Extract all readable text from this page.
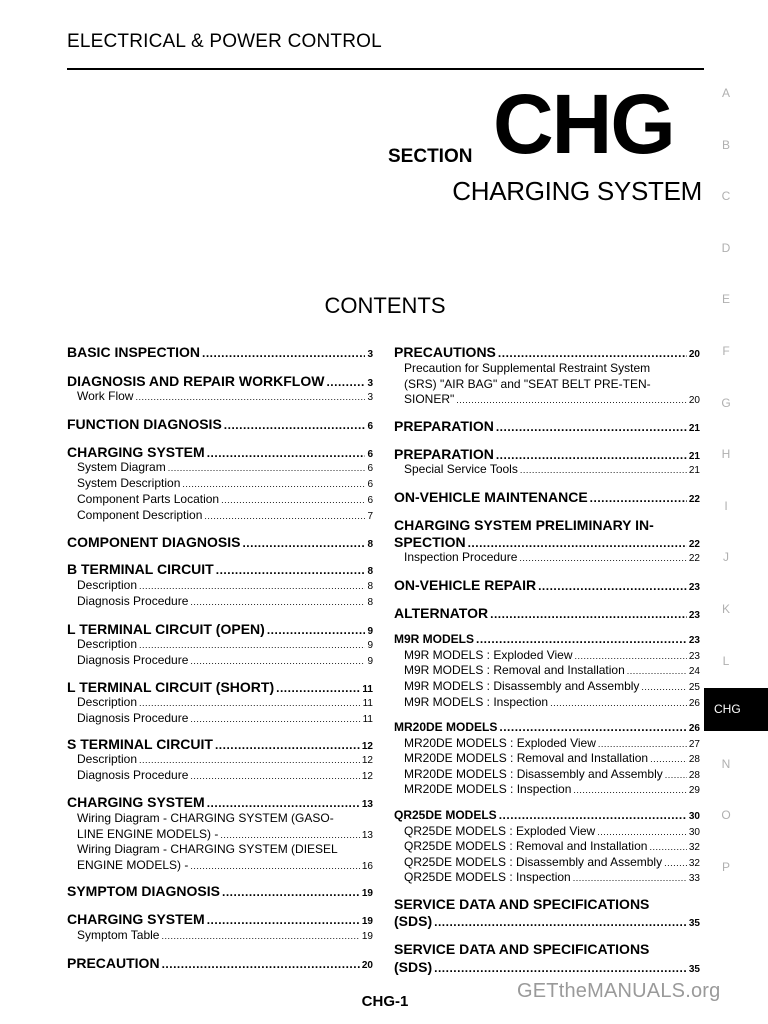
ELECTRICAL & POWER CONTROL
SECTION CHG
CHARGING SYSTEM
CONTENTS
A
B
C
D
E
F
G
H
I
J
K
L
CHG
N
O
P
BASIC INSPECTION .....	3
DIAGNOSIS AND REPAIR WORKFLOW .....	3
Work Flow .....	3
FUNCTION DIAGNOSIS .....	6
CHARGING SYSTEM .....	6
System Diagram .....	6
System Description .....	6
Component Parts Location .....	6
Component Description .....	7
COMPONENT DIAGNOSIS .....	8
B TERMINAL CIRCUIT .....	8
Description .....	8
Diagnosis Procedure .....	8
L TERMINAL CIRCUIT (OPEN) .....	9
Description .....	9
Diagnosis Procedure .....	9
L TERMINAL CIRCUIT (SHORT) .....	11
Description .....	11
Diagnosis Procedure .....	11
S TERMINAL CIRCUIT .....	12
Description .....	12
Diagnosis Procedure .....	12
CHARGING SYSTEM .....	13
Wiring Diagram - CHARGING SYSTEM (GASO-
LINE ENGINE MODELS) - .....	13
Wiring Diagram - CHARGING SYSTEM (DIESEL
ENGINE MODELS) - .....	16
SYMPTOM DIAGNOSIS .....	19
CHARGING SYSTEM .....	19
Symptom Table .....	19
PRECAUTION .....	20
PRECAUTIONS .....	20
Precaution for Supplemental Restraint System
(SRS) "AIR BAG" and "SEAT BELT PRE-TEN-
SIONER" .....	20
PREPARATION .....	21
PREPARATION .....	21
Special Service Tools .....	21
ON-VEHICLE MAINTENANCE .....	22
CHARGING SYSTEM PRELIMINARY IN-
SPECTION .....	22
Inspection Procedure .....	22
ON-VEHICLE REPAIR .....	23
ALTERNATOR .....	23
M9R MODELS .....	23
M9R MODELS : Exploded View .....	23
M9R MODELS : Removal and Installation .....	24
M9R MODELS : Disassembly and Assembly .....	25
M9R MODELS : Inspection .....	26
MR20DE MODELS .....	26
MR20DE MODELS : Exploded View .....	27
MR20DE MODELS : Removal and Installation .....	28
MR20DE MODELS : Disassembly and Assembly .....	28
MR20DE MODELS : Inspection .....	29
QR25DE MODELS .....	30
QR25DE MODELS : Exploded View .....	30
QR25DE MODELS : Removal and Installation .....	32
QR25DE MODELS : Disassembly and Assembly .....	32
QR25DE MODELS : Inspection .....	33
SERVICE DATA AND SPECIFICATIONS
(SDS) .....	35
SERVICE DATA AND SPECIFICATIONS
(SDS) .....	35
CHG-1	GETtheMANUALS.org
